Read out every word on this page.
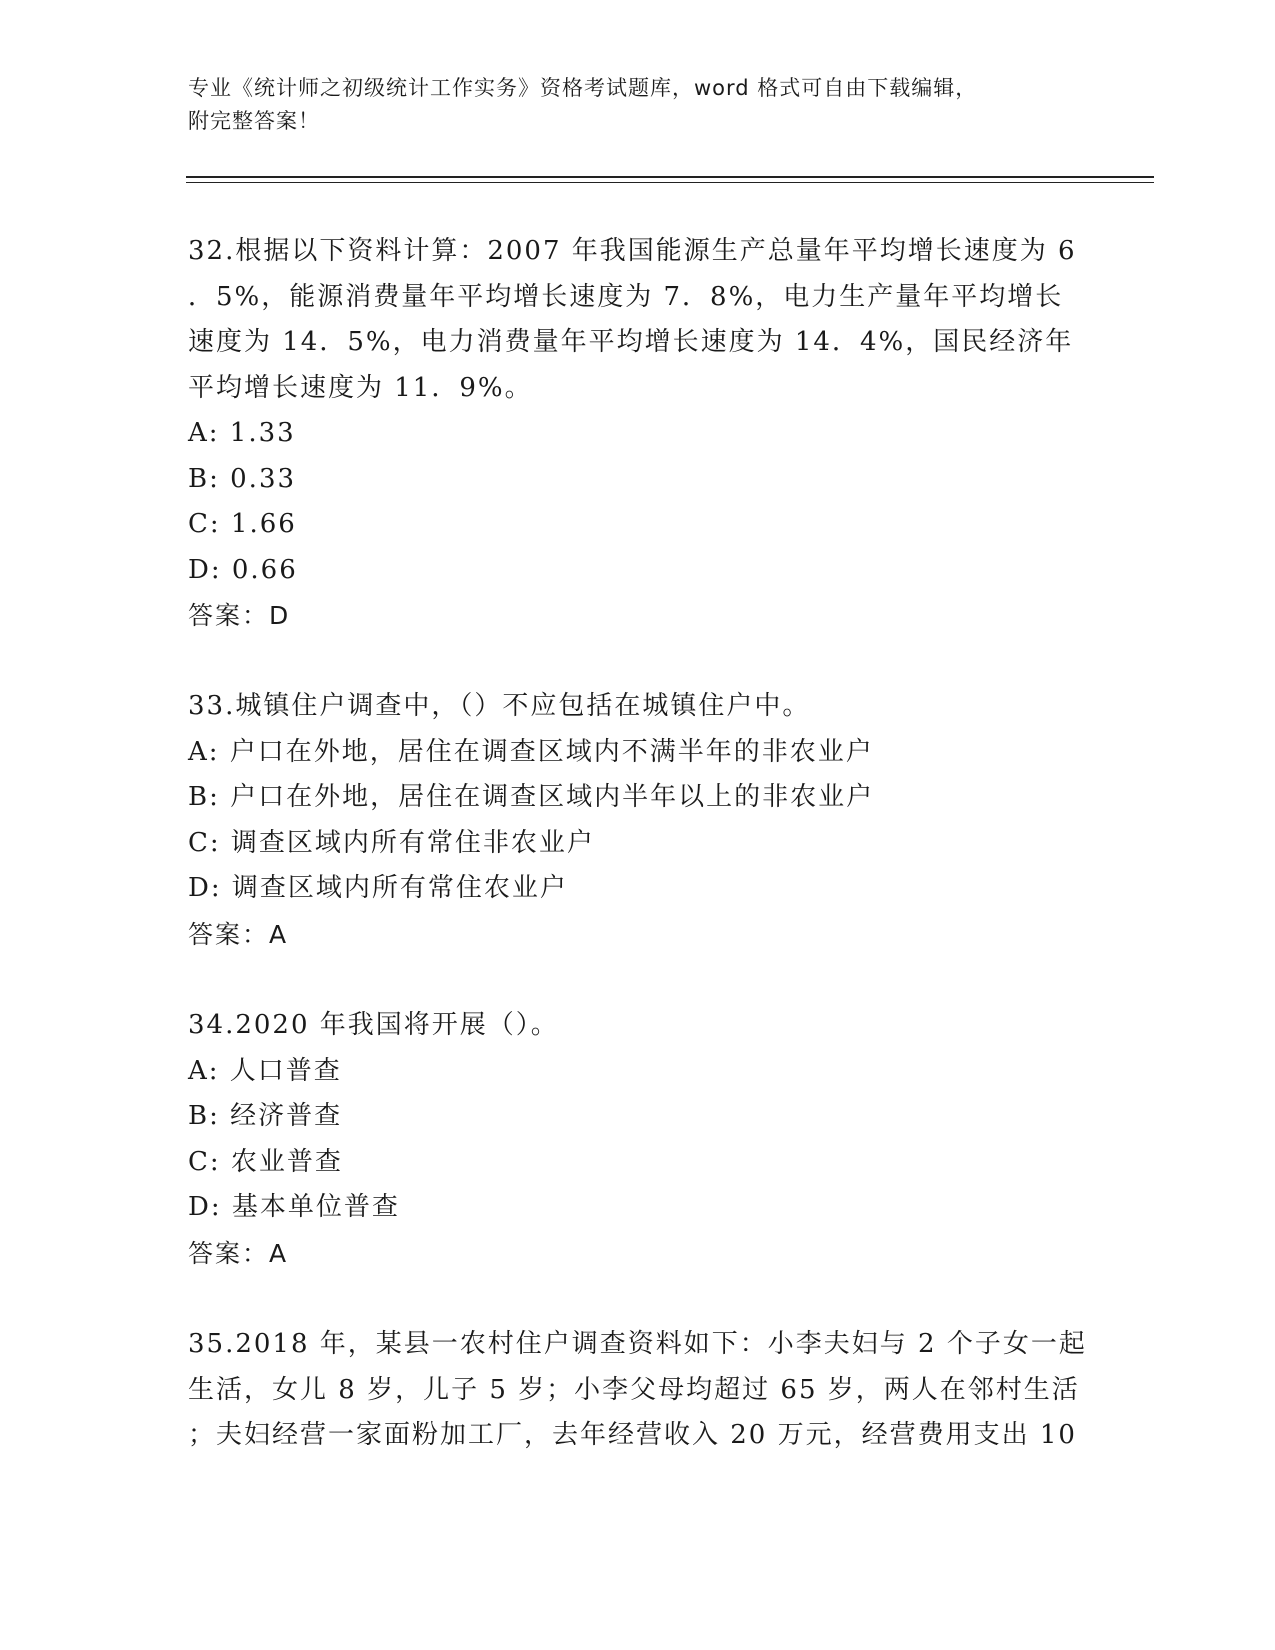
专业《统计师之初级统计工作实务》资格考试题库，word 格式可自由下载编辑，
附完整答案！
32.根据以下资料计算：2007 年我国能源生产总量年平均增长速度为 6
．5%，能源消费量年平均增长速度为 7．8%，电力生产量年平均增长
速度为 14．5%，电力消费量年平均增长速度为 14．4%，国民经济年
平均增长速度为 11．9%。
A: 1.33
B: 0.33
C: 1.66
D: 0.66
答案：D
33.城镇住户调查中，（）不应包括在城镇住户中。
A: 户口在外地，居住在调查区域内不满半年的非农业户
B: 户口在外地，居住在调查区域内半年以上的非农业户
C: 调查区域内所有常住非农业户
D: 调查区域内所有常住农业户
答案：A
34.2020 年我国将开展（）。
A: 人口普查
B: 经济普查
C: 农业普查
D: 基本单位普查
答案：A
35.2018 年，某县一农村住户调查资料如下：小李夫妇与 2 个子女一起
生活，女儿 8 岁，儿子 5 岁；小李父母均超过 65 岁，两人在邻村生活
；夫妇经营一家面粉加工厂，去年经营收入 20 万元，经营费用支出 10
